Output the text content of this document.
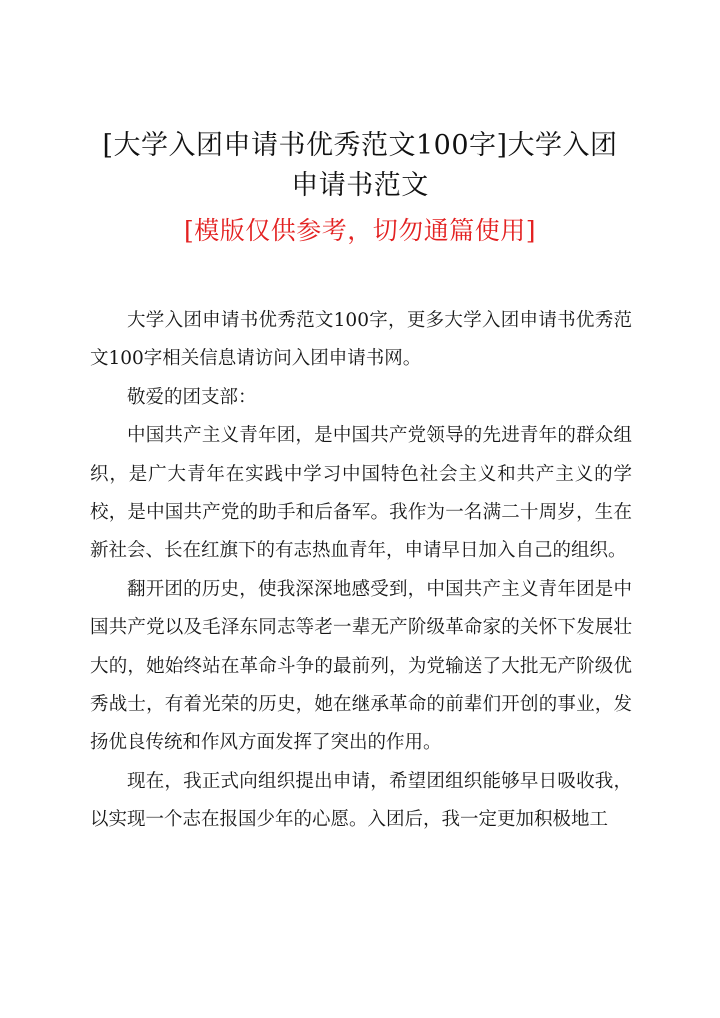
[大学入团申请书优秀范文100字]大学入团申请书范文
[模版仅供参考，切勿通篇使用]

大学入团申请书优秀范文100字，更多大学入团申请书优秀范文100字相关信息请访问入团申请书网。

敬爱的团支部：

中国共产主义青年团，是中国共产党领导的先进青年的群众组织，是广大青年在实践中学习中国特色社会主义和共产主义的学校，是中国共产党的助手和后备军。我作为一名满二十周岁，生在新社会、长在红旗下的有志热血青年，申请早日加入自己的组织。

翻开团的历史，使我深深地感受到，中国共产主义青年团是中国共产党以及毛泽东同志等老一辈无产阶级革命家的关怀下发展壮大的，她始终站在革命斗争的最前列，为党输送了大批无产阶级优秀战士，有着光荣的历史，她在继承革命的前辈们开创的事业，发扬优良传统和作风方面发挥了突出的作用。

现在，我正式向组织提出申请，希望团组织能够早日吸收我，以实现一个志在报国少年的心愿。入团后，我一定更加积极地工
